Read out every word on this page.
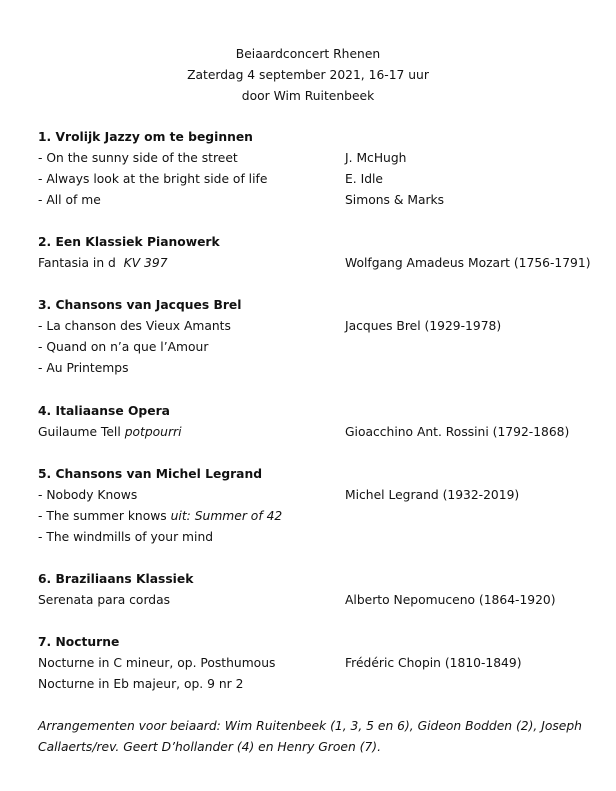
Beiaardconcert Rhenen
Zaterdag 4 september 2021, 16-17 uur
door Wim Ruitenbeek
1. Vrolijk Jazzy om te beginnen
- On the sunny side of the street	J. McHugh
- Always look at the bright side of life	E. Idle
- All of me	Simons & Marks
2. Een Klassiek Pianowerk
Fantasia in d KV 397	Wolfgang Amadeus Mozart (1756-1791)
3. Chansons van Jacques Brel
- La chanson des Vieux Amants	Jacques Brel (1929-1978)
- Quand on n’a que l’Amour
- Au Printemps
4. Italiaanse Opera
Guilaume Tell potpourri	Gioacchino Ant. Rossini (1792-1868)
5. Chansons van Michel Legrand
- Nobody Knows	Michel Legrand (1932-2019)
- The summer knows uit: Summer of 42
- The windmills of your mind
6. Braziliaans Klassiek
Serenata para cordas	Alberto Nepomuceno (1864-1920)
7. Nocturne
Nocturne in C mineur, op. Posthumous	Frédéric Chopin (1810-1849)
Nocturne in Eb majeur, op. 9 nr 2
Arrangementen voor beiaard: Wim Ruitenbeek (1, 3, 5 en 6), Gideon Bodden (2), Joseph
Callaerts/rev. Geert D’hollander (4) en Henry Groen (7).
